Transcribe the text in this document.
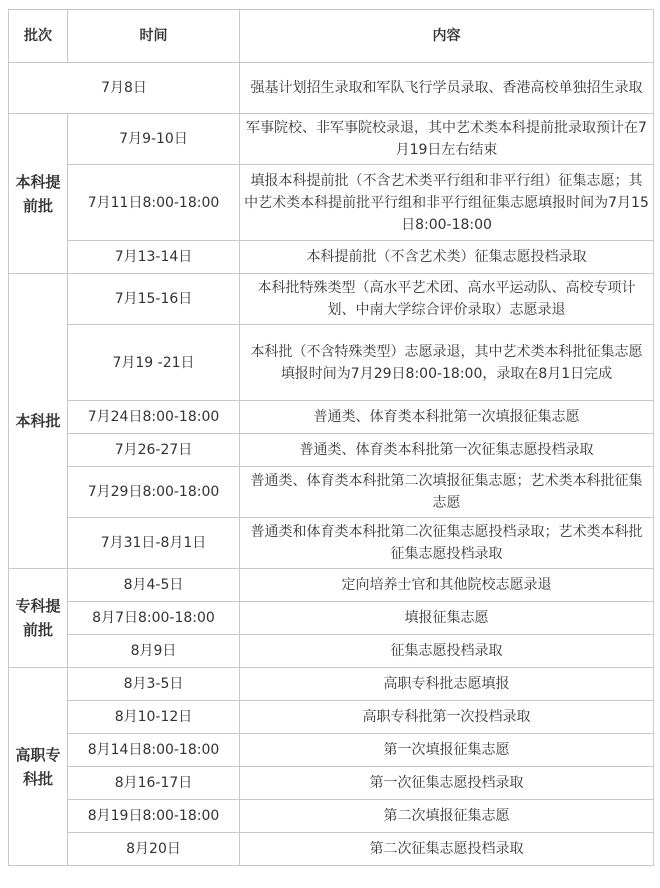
批次	时间	内容
7月8日		强基计划招生录取和军队飞行学员录取、香港高校单独招生录取
本科提前批	7月9-10日	军事院校、非军事院校录退，其中艺术类本科提前批录取预计在7月19日左右结束
	7月11日8:00-18:00	填报本科提前批（不含艺术类平行组和非平行组）征集志愿；其中艺术类本科提前批平行组和非平行组征集志愿填报时间为7月15日8:00-18:00
	7月13-14日	本科提前批（不含艺术类）征集志愿投档录取
本科批	7月15-16日	本科批特殊类型（高水平艺术团、高水平运动队、高校专项计划、中南大学综合评价录取）志愿录退
	7月19 -21日	本科批（不含特殊类型）志愿录退，其中艺术类本科批征集志愿填报时间为7月29日8:00-18:00，录取在8月1日完成
	7月24日8:00-18:00	普通类、体育类本科批第一次填报征集志愿
	7月26-27日	普通类、体育类本科批第一次征集志愿投档录取
	7月29日8:00-18:00	普通类、体育类本科批第二次填报征集志愿；艺术类本科批征集志愿
	7月31日-8月1日	普通类和体育类本科批第二次征集志愿投档录取；艺术类本科批征集志愿投档录取
专科提前批	8月4-5日	定向培养士官和其他院校志愿录退
	8月7日8:00-18:00	填报征集志愿
	8月9日	征集志愿投档录取
高职专科批	8月3-5日	高职专科批志愿填报
	8月10-12日	高职专科批第一次投档录取
	8月14日8:00-18:00	第一次填报征集志愿
	8月16-17日	第一次征集志愿投档录取
	8月19日8:00-18:00	第二次填报征集志愿
	8月20日	第二次征集志愿投档录取
